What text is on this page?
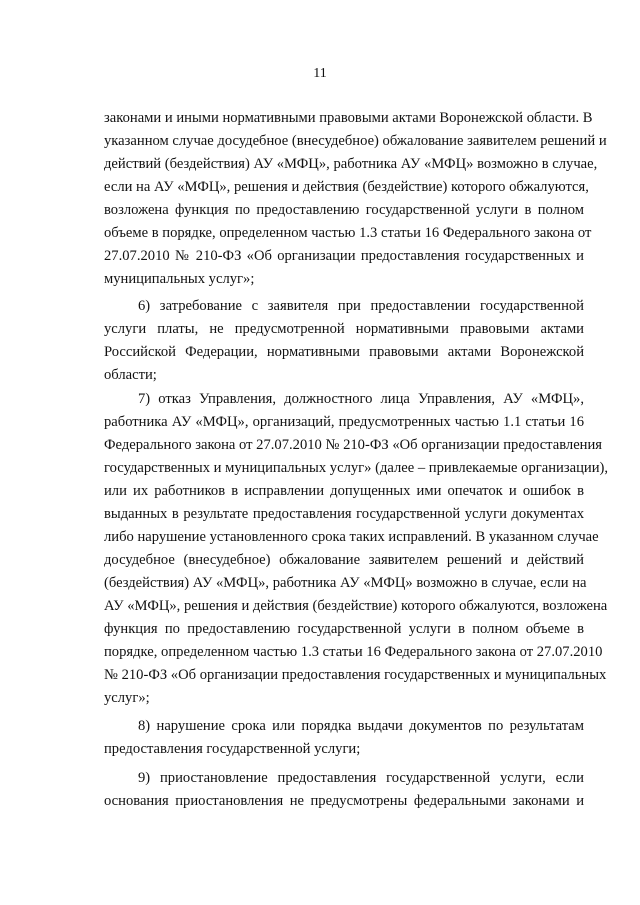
11
законами и иными нормативными правовыми актами Воронежской области. В
указанном случае досудебное (внесудебное) обжалование заявителем решений и
действий (бездействия) АУ «МФЦ», работника АУ «МФЦ» возможно в случае,
если на АУ «МФЦ», решения и действия (бездействие) которого обжалуются,
возложена функция по предоставлению государственной услуги в полном
объеме в порядке, определенном частью 1.3 статьи 16 Федерального закона от
27.07.2010 № 210-ФЗ «Об организации предоставления государственных и
муниципальных услуг»;
6) затребование с заявителя при предоставлении государственной
услуги платы, не предусмотренной нормативными правовыми актами
Российской Федерации, нормативными правовыми актами Воронежской
области;
7) отказ Управления, должностного лица Управления, АУ «МФЦ»,
работника АУ «МФЦ», организаций, предусмотренных частью 1.1 статьи 16
Федерального закона от 27.07.2010 № 210-ФЗ «Об организации предоставления
государственных и муниципальных услуг» (далее – привлекаемые организации),
или их работников в исправлении допущенных ими опечаток и ошибок в
выданных в результате предоставления государственной услуги документах
либо нарушение установленного срока таких исправлений. В указанном случае
досудебное (внесудебное) обжалование заявителем решений и действий
(бездействия) АУ «МФЦ», работника АУ «МФЦ» возможно в случае, если на
АУ «МФЦ», решения и действия (бездействие) которого обжалуются, возложена
функция по предоставлению государственной услуги в полном объеме в
порядке, определенном частью 1.3 статьи 16 Федерального закона от 27.07.2010
№ 210-ФЗ «Об организации предоставления государственных и муниципальных
услуг»;
8) нарушение срока или порядка выдачи документов по результатам
предоставления государственной услуги;
9) приостановление предоставления государственной услуги, если
основания приостановления не предусмотрены федеральными законами и
